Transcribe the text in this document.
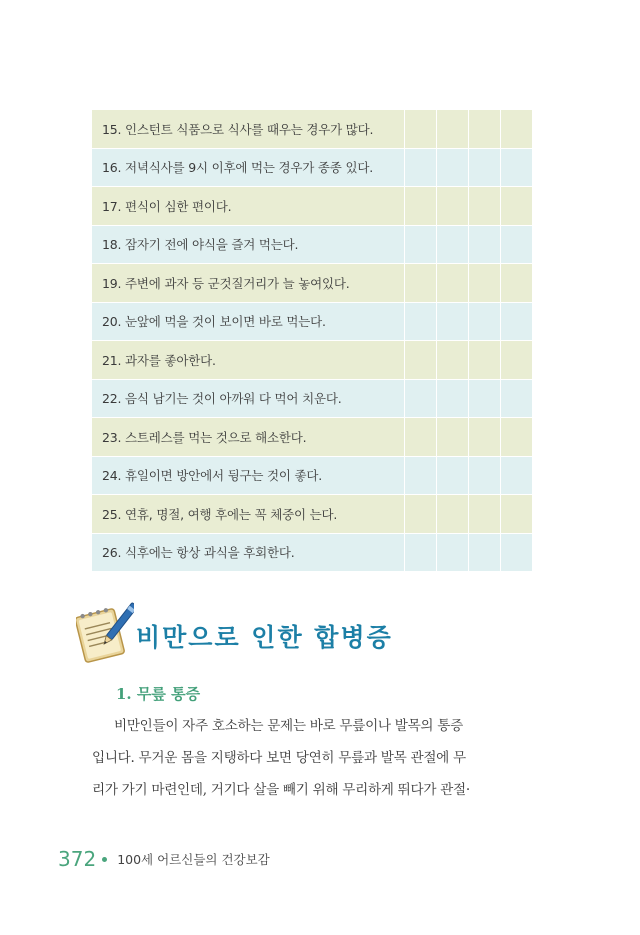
15. 인스턴트 식품으로 식사를 때우는 경우가 많다.				
16. 저녁식사를 9시 이후에 먹는 경우가 종종 있다.				
17. 편식이 심한 편이다.				
18. 잠자기 전에 야식을 즐겨 먹는다.				
19. 주변에 과자 등 군것질거리가 늘 놓여있다.				
20. 눈앞에 먹을 것이 보이면 바로 먹는다.				
21. 과자를 좋아한다.				
22. 음식 남기는 것이 아까워 다 먹어 치운다.				
23. 스트레스를 먹는 것으로 해소한다.				
24. 휴일이면 방안에서 뒹구는 것이 좋다.				
25. 연휴, 명절, 여행 후에는 꼭 체중이 는다.				
26. 식후에는 항상 과식을 후회한다.				
비만으로 인한 합병증
1. 무릎 통증
비만인들이 자주 호소하는 문제는 바로 무릎이나 발목의 통증
입니다. 무거운 몸을 지탱하다 보면 당연히 무릎과 발목 관절에 무
리가 가기 마련인데, 거기다 살을 빼기 위해 무리하게 뛰다가 관절·
372 100세 어르신들의 건강보감
